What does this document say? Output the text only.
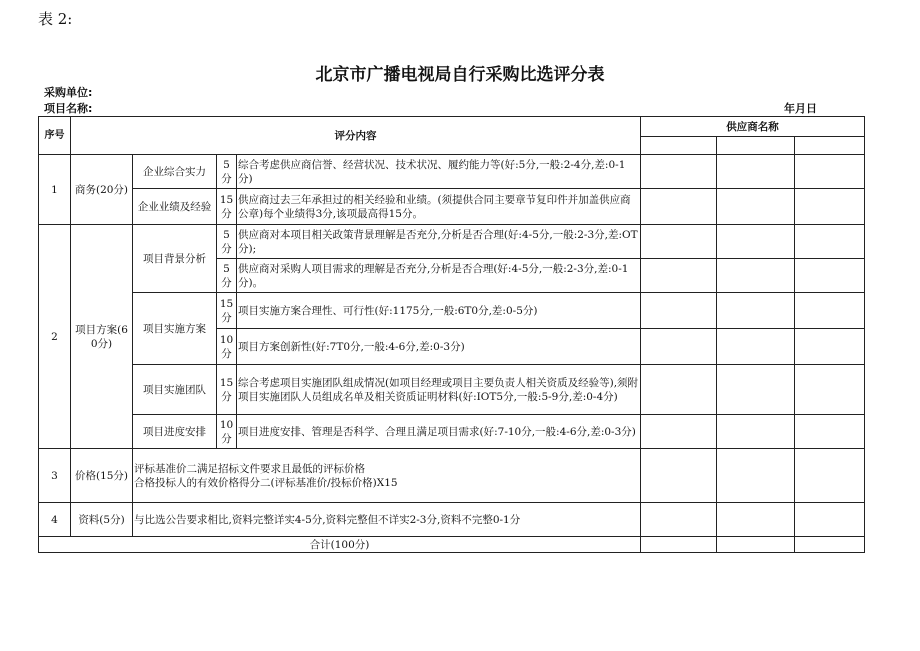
表 2:
北京市广播电视局自行采购比选评分表
采购单位:
项目名称:	年月日
序号	评分内容				供应商名称		

1	商务(20分)	企业综合实力	5分	综合考虑供应商信誉、经营状况、技术状况、履约能力等(好:5分,一般:2-4分,差:0-1分)			
		企业业绩及经验	15分	供应商过去三年承担过的相关经验和业绩。(须提供合同主要章节复印件并加盖供应商公章)每个业绩得3分,该项最高得15分。			
2	项目方案(60分)	项目背景分析	5分	供应商对本项目相关政策背景理解是否充分,分析是否合理(好:4-5分,一般:2-3分,差:OT分);			
			5分	供应商对采购人项目需求的理解是否充分,分析是否合理(好:4-5分,一般:2-3分,差:0-1分)。			
		项目实施方案	15分	项目实施方案合理性、可行性(好:1175分,一般:6T0分,差:0-5分)			
			10分	项目方案创新性(好:7T0分,一般:4-6分,差:0-3分)			
		项目实施团队	15分	综合考虑项目实施团队组成情况(如项目经理或项目主要负责人相关资质及经验等),须附项目实施团队人员组成名单及相关资质证明材料(好:IOT5分,一般:5-9分,差:0-4分)			
		项目进度安排	10分	项目进度安排、管理是否科学、合理且满足项目需求(好:7-10分,一般:4-6分,差:0-3分)			
3	价格(15分)	评标基准价二满足招标文件要求且最低的评标价格
合格投标人的有效价格得分二(评标基准价/投标价格)X15					
4	资料(5分)	与比选公告要求相比,资料完整详实4-5分,资料完整但不详实2-3分,资料不完整0-1分					
合计(100分)							
